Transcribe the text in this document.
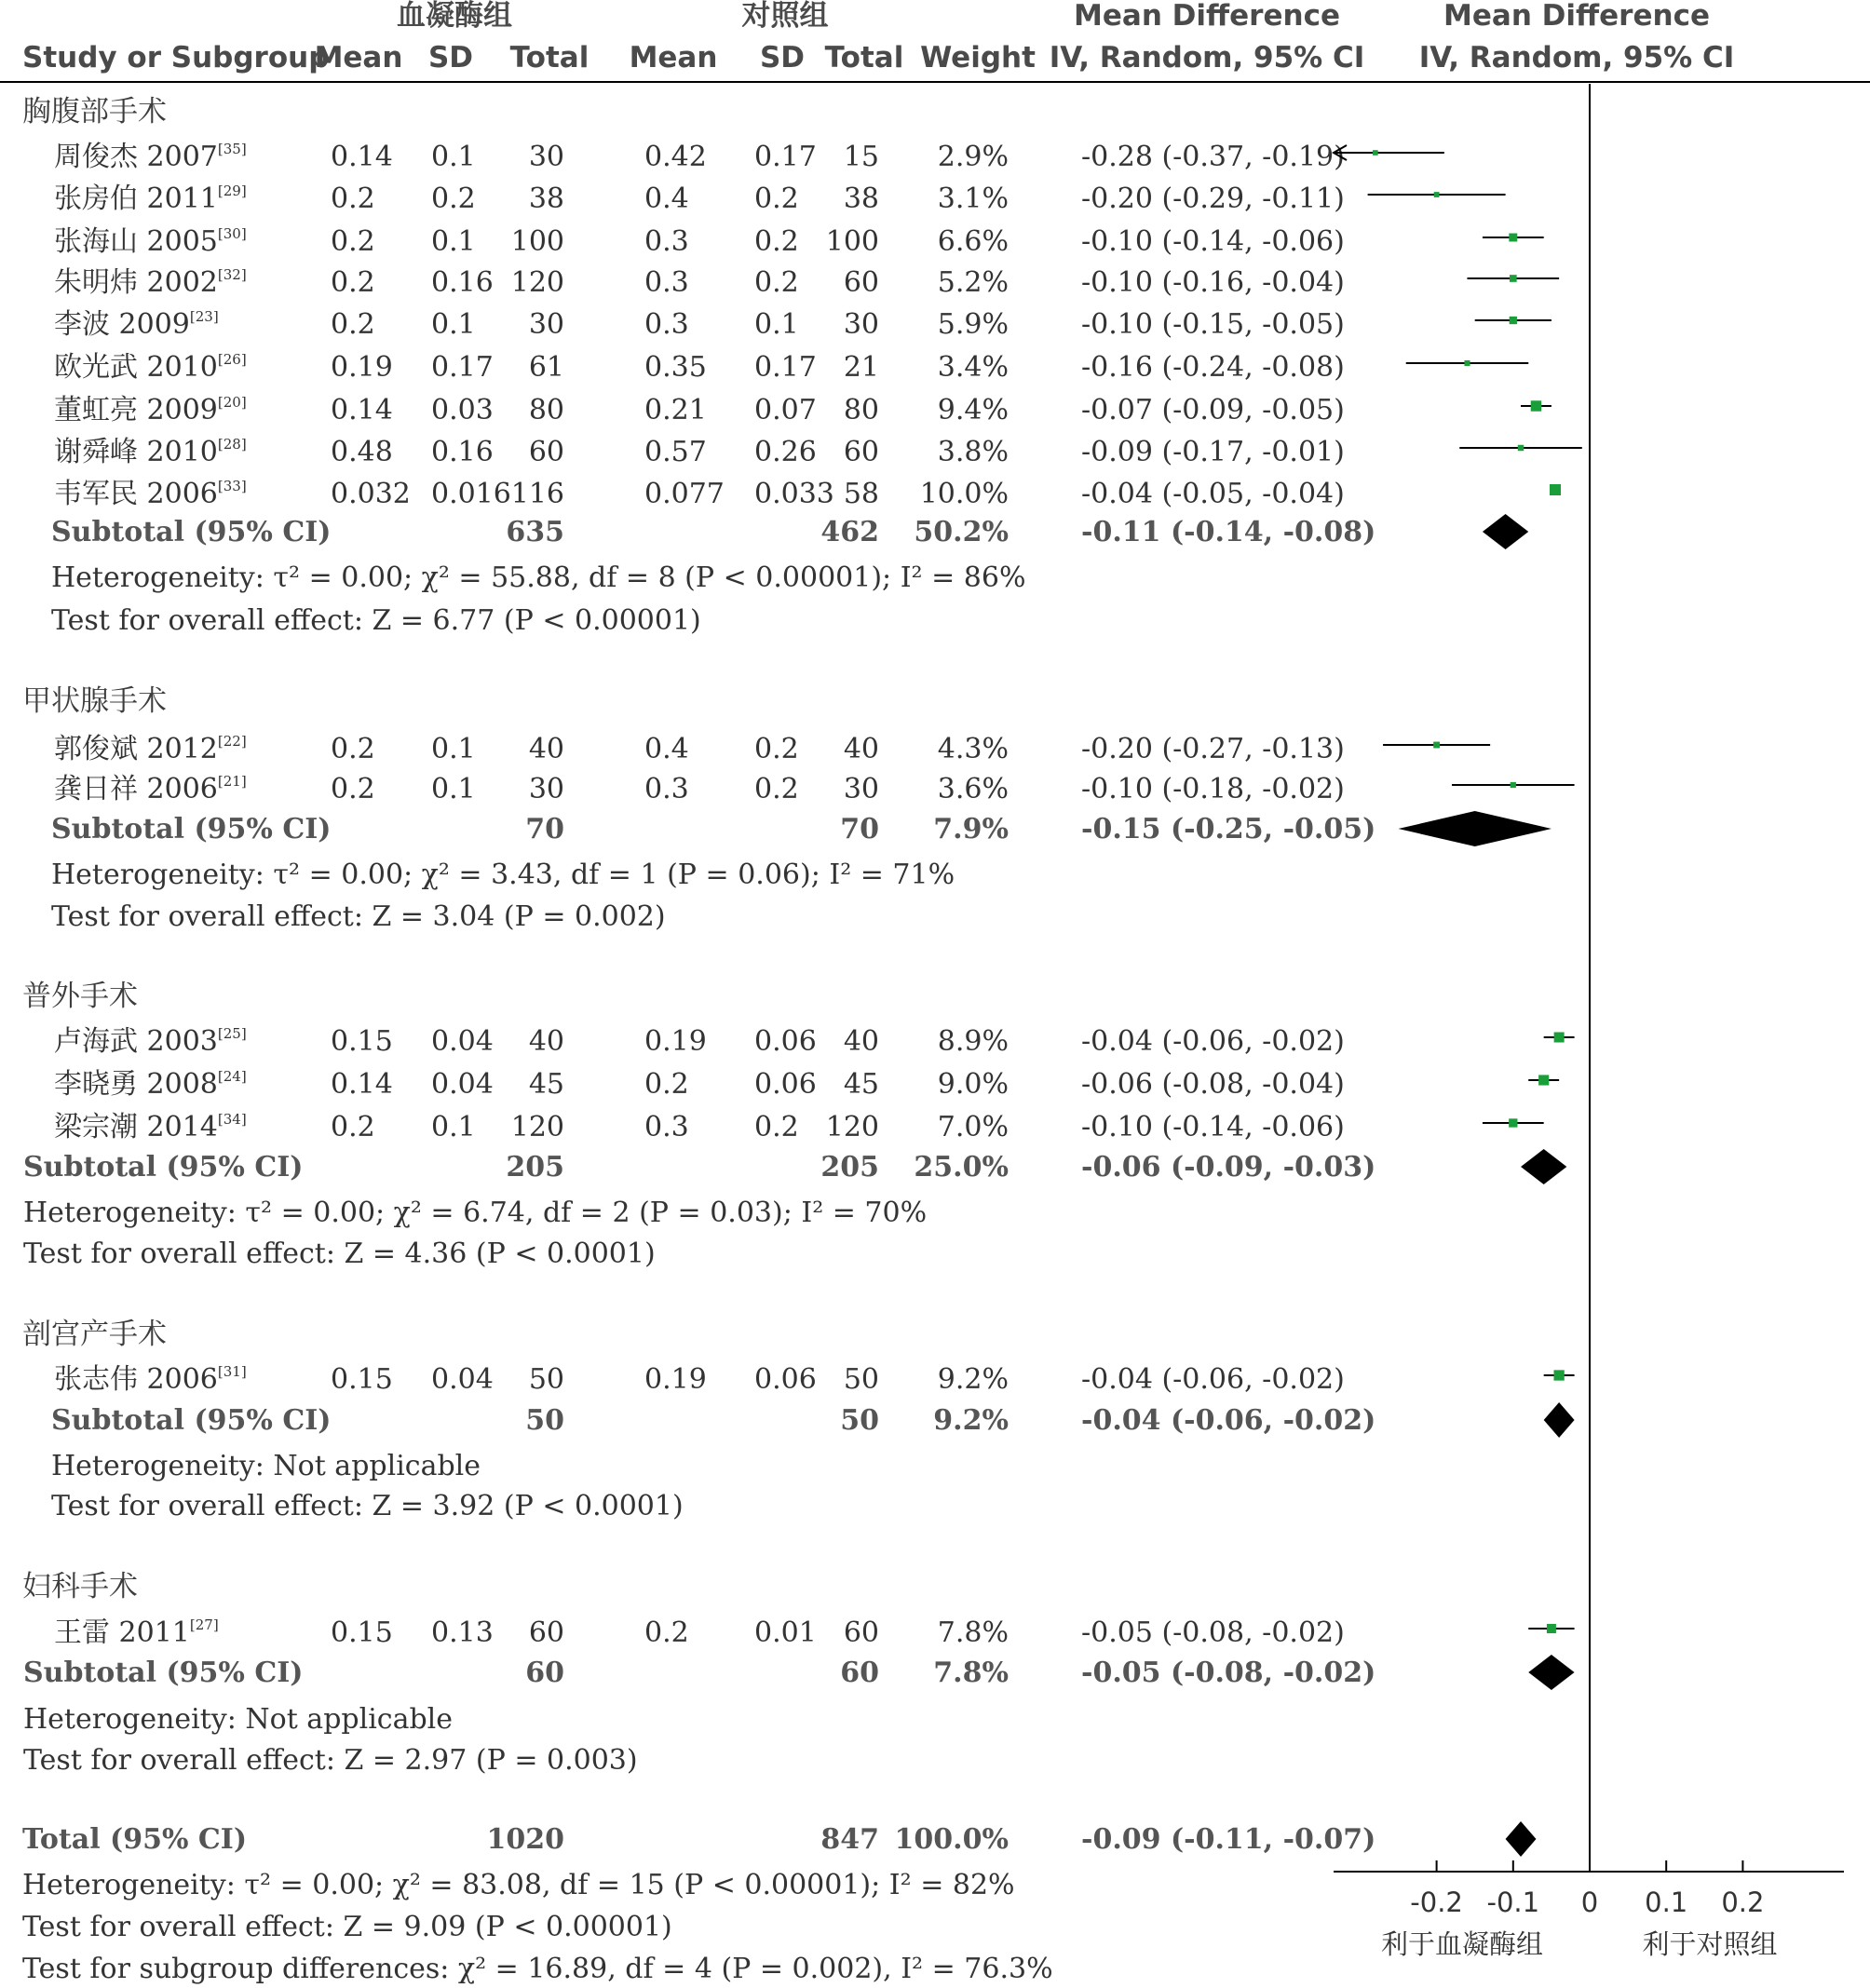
血凝酶组	对照组	Mean Difference
IV, Random, 95% CI
Mean Difference
IV, Random, 95% CI
Study or Subgroup
Mean SD Total Mean SD Total Weight
胸腹部手术
周俊杰 2007[35]	0.14 0.1 30	0.42 0.17 15 2.9%	-0.28 (-0.37, -0.19)
张房伯 2011[29]	0.2 0.2 38	0.4 0.2 38 3.1%	-0.20 (-0.29, -0.11)
张海山 2005[30]	0.2 0.1 100	0.3 0.2 100 6.6%	-0.10 (-0.14, -0.06)
朱明炜 2002[32]	0.2 0.16 120	0.3 0.2 60 5.2%	-0.10 (-0.16, -0.04)
李波 2009[23]	0.2 0.1 30	0.3 0.1 30 5.9%	-0.10 (-0.15, -0.05)
欧光武 2010[26]	0.19 0.17 61	0.35 0.17 21 3.4%	-0.16 (-0.24, -0.08)
董虹亮 2009[20]	0.14 0.03 80	0.21 0.07 80 9.4%	-0.07 (-0.09, -0.05)
谢舜峰 2010[28]	0.48 0.16 60	0.57 0.26 60 3.8%	-0.09 (-0.17, -0.01)
韦军民 2006[33]	0.032 0.016 116	0.077 0.033 58 10.0%	-0.04 (-0.05, -0.04)
Subtotal (95% CI)	635	462 50.2%	-0.11 (-0.14, -0.08)
Heterogeneity: τ² = 0.00; χ² = 55.88, df = 8 (P < 0.00001); I² = 86%
Test for overall effect: Z = 6.77 (P < 0.00001)
甲状腺手术
郭俊斌 2012[22]	0.2 0.1 40	0.4 0.2 40 4.3%	-0.20 (-0.27, -0.13)
龚日祥 2006[21]	0.2 0.1 30	0.3 0.2 30 3.6%	-0.10 (-0.18, -0.02)
Subtotal (95% CI)	70	70 7.9%	-0.15 (-0.25, -0.05)
Heterogeneity: τ² = 0.00; χ² = 3.43, df = 1 (P = 0.06); I² = 71%
Test for overall effect: Z = 3.04 (P = 0.002)
普外手术
卢海武 2003[25]	0.15 0.04 40	0.19 0.06 40 8.9%	-0.04 (-0.06, -0.02)
李晓勇 2008[24]	0.14 0.04 45	0.2 0.06 45 9.0%	-0.06 (-0.08, -0.04)
梁宗潮 2014[34]	0.2 0.1 120	0.3 0.2 120 7.0%	-0.10 (-0.14, -0.06)
Subtotal (95% CI)	205	205 25.0%	-0.06 (-0.09, -0.03)
Heterogeneity: τ² = 0.00; χ² = 6.74, df = 2 (P = 0.03); I² = 70%
Test for overall effect: Z = 4.36 (P < 0.0001)
剖宫产手术
张志伟 2006[31]	0.15 0.04 50	0.19 0.06 50 9.2%	-0.04 (-0.06, -0.02)
Subtotal (95% CI)	50	50 9.2%	-0.04 (-0.06, -0.02)
Heterogeneity: Not applicable
Test for overall effect: Z = 3.92 (P < 0.0001)
妇科手术
王雷 2011[27]	0.15 0.13 60	0.2 0.01 60 7.8%	-0.05 (-0.08, -0.02)
Subtotal (95% CI)	60	60 7.8%	-0.05 (-0.08, -0.02)
Heterogeneity: Not applicable
Test for overall effect: Z = 2.97 (P = 0.003)
Total (95% CI)	1020	847 100.0%	-0.09 (-0.11, -0.07)
Heterogeneity: τ² = 0.00; χ² = 83.08, df = 15 (P < 0.00001); I² = 82%
Test for overall effect: Z = 9.09 (P < 0.00001)
Test for subgroup differences: χ² = 16.89, df = 4 (P = 0.002), I² = 76.3%
-0.2 -0.1 0 0.1 0.2
利于血凝酶组	利于对照组
